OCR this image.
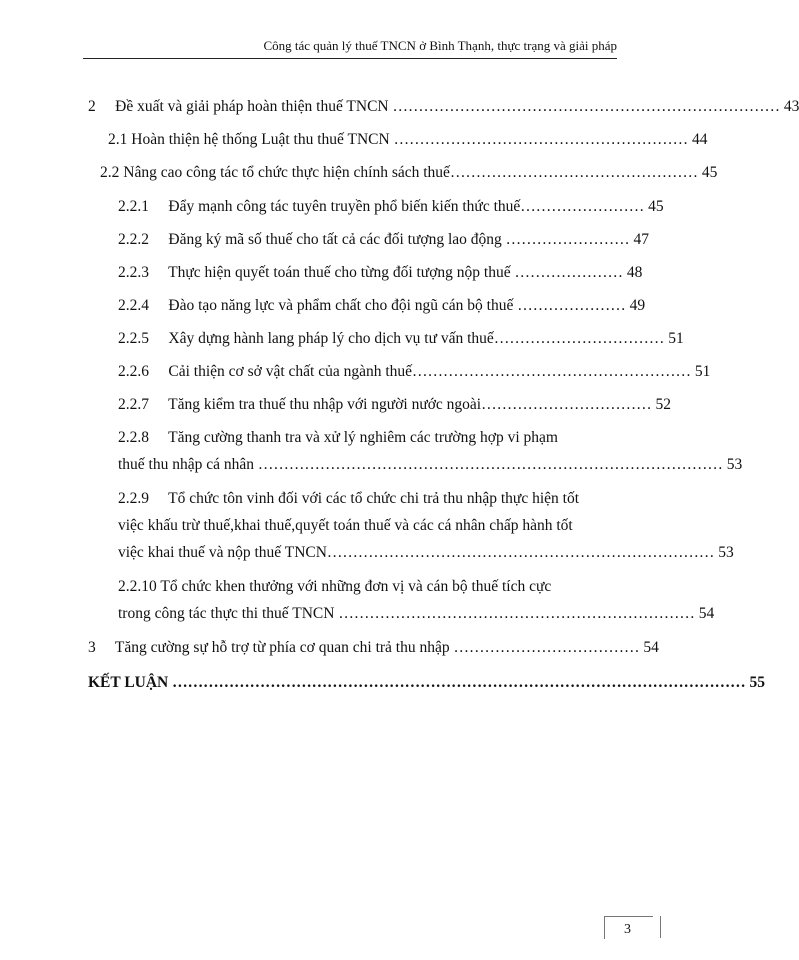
Công tác quản lý thuế TNCN ở Bình Thạnh, thực trạng và giải pháp
2 Đề xuất và giải pháp hoàn thiện thuế TNCN ………………………………………………………………… 43
2.1 Hoàn thiện hệ thống Luật thu thuế TNCN ………………………………………………… 44
2.2 Nâng cao công tác tổ chức thực hiện chính sách thuế………………………………………… 45
2.2.1 Đẩy mạnh công tác tuyên truyền phổ biến kiến thức thuế…………………… 45
2.2.2 Đăng ký mã số thuế cho tất cả các đối tượng lao động …………………… 47
2.2.3 Thực hiện quyết toán thuế cho từng đối tượng nộp thuế ………………… 48
2.2.4 Đào tạo năng lực và phẩm chất cho đội ngũ cán bộ thuế ………………… 49
2.2.5 Xây dựng hành lang pháp lý cho dịch vụ tư vấn thuế…………………………… 51
2.2.6 Cải thiện cơ sở vật chất của ngành thuế……………………………………………… 51
2.2.7 Tăng kiểm tra thuế thu nhập với người nước ngoài…………………………… 52
2.2.8 Tăng cường thanh tra và xử lý nghiêm các trường hợp vi phạm
thuế thu nhập cá nhân ……………………………………………………………………………… 53
2.2.9 Tổ chức tôn vinh đối với các tổ chức chi trả thu nhập thực hiện tốt
việc khấu trừ thuế,khai thuế,quyết toán thuế và các cá nhân chấp hành tốt
việc khai thuế và nộp thuế TNCN………………………………………………………………… 53
2.2.10 Tổ chức khen thưởng với những đơn vị và cán bộ thuế tích cực
trong công tác thực thi thuế TNCN …………………………………………………………… 54
3 Tăng cường sự hỗ trợ từ phía cơ quan chi trả thu nhập ……………………………… 54
KẾT LUẬN ………………………………………………………………………………………………… 55
3
